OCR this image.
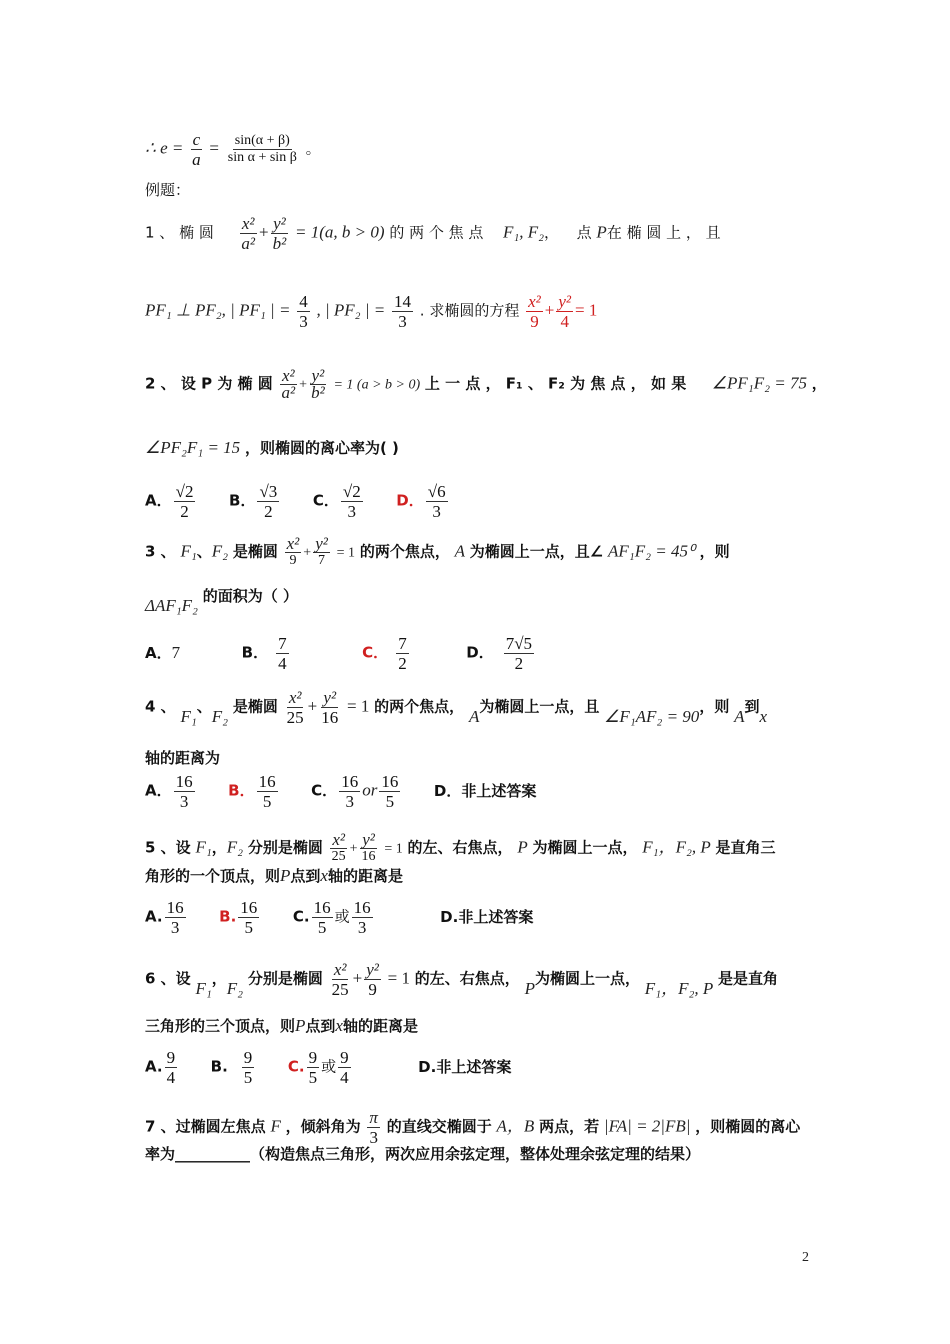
∴ $e = \frac{c}{a} = \frac{\sin(\alpha + \beta)}{\text{sin α + sin β}}$ 。
例题：
1 、 椭 圆 $\frac{\text{x²}}{\text{a²}} + \frac{\text{y²}}{\text{b²}} = 1(a$, b > 0) 的 两 个 焦 点 F₁, F₂， 点 P在 椭 圆 上 ， 且
PF₁ ⊥ PF₂, | PF₁ | = $\frac{4}{3}$ , | PF₂ | = $\frac{14}{3}$ . 求椭圆的方程 $\frac{\text{x²}}{9} + \frac{\text{y²}}{4} = 1$
2 、 设 P 为 椭 圆 $\frac{\text{x²}}{\text{a²}} + \frac{\text{y²}}{\text{b²}} = 1$ (a > b > 0) 上 一 点 ， F₁ 、 F₂ 为 焦 点 ， 如 果 ∠PF₁F₂ = 75 ，
∠PF₂F₁ = 15 ，则椭圆的离心率为( )
A． $\frac{√2}{2}$ B． $\frac{√3}{2}$ C． $\frac{√2}{3}$ D． $\frac{√6}{3}$
3 、 F₁、F₂ 是椭圆 $\frac{\text{x²}}{9} + \frac{\text{y²}}{7} = 1$ 的两个焦点， A 为椭圆上一点，且∠ AF₁F₂ = 45⁰ ，则
ΔAF₁F₂ 的面积为（ ）
A．7	B． $\frac{7}{4}$	C． $\frac{7}{2}$	D． $\frac{7√5}{2}$
4 、 F₁、F₂ 是椭圆 $\frac{\text{x²}}{25} + \frac{\text{y²}}{16} = 1$ 的两个焦点， A为椭圆上一点，且 ∠F₁AF₂ = 90，则 A到x
轴的距离为
A． $\frac{16}{3}$ B． $\frac{16}{5}$ C． $\frac{16}{3}$ or $\frac{16}{5}$ D．非上述答案
5 、设 F₁，F₂ 分别是椭圆 $\frac{\text{x²}}{25} + \frac{\text{y²}}{16} = 1$ 的左、右焦点， P 为椭圆上一点， F₁，F₂, P 是直角三
角形的一个顶点，则P点到x轴的距离是
A. $\frac{16}{3} B$. $\frac{16}{5} C$. $\frac{16}{5}$ 或 $\frac{16}{3}$	D.非上述答案
6 、设 F₁，F₂ 分别是椭圆 $\frac{\text{x²}}{25} + \frac{\text{y²}}{9} = 1$ 的左、右焦点， P为椭圆上一点， F₁，F₂, P 是是直角
三角形的三个顶点，则P点到x轴的距离是
A. $\frac{9}{4} B$. $\frac{9}{5} C$. $\frac{9}{5}$ 或 $\frac{9}{4}$	D.非上述答案
7 、过椭圆左焦点 F ，倾斜角为 $\frac{\pi}{3}$ 的直线交椭圆于 A，B 两点，若 |FA| = 2|FB| ，则椭圆的离心
率为__________（构造焦点三角形，两次应用余弦定理，整体处理余弦定理的结果）
2
